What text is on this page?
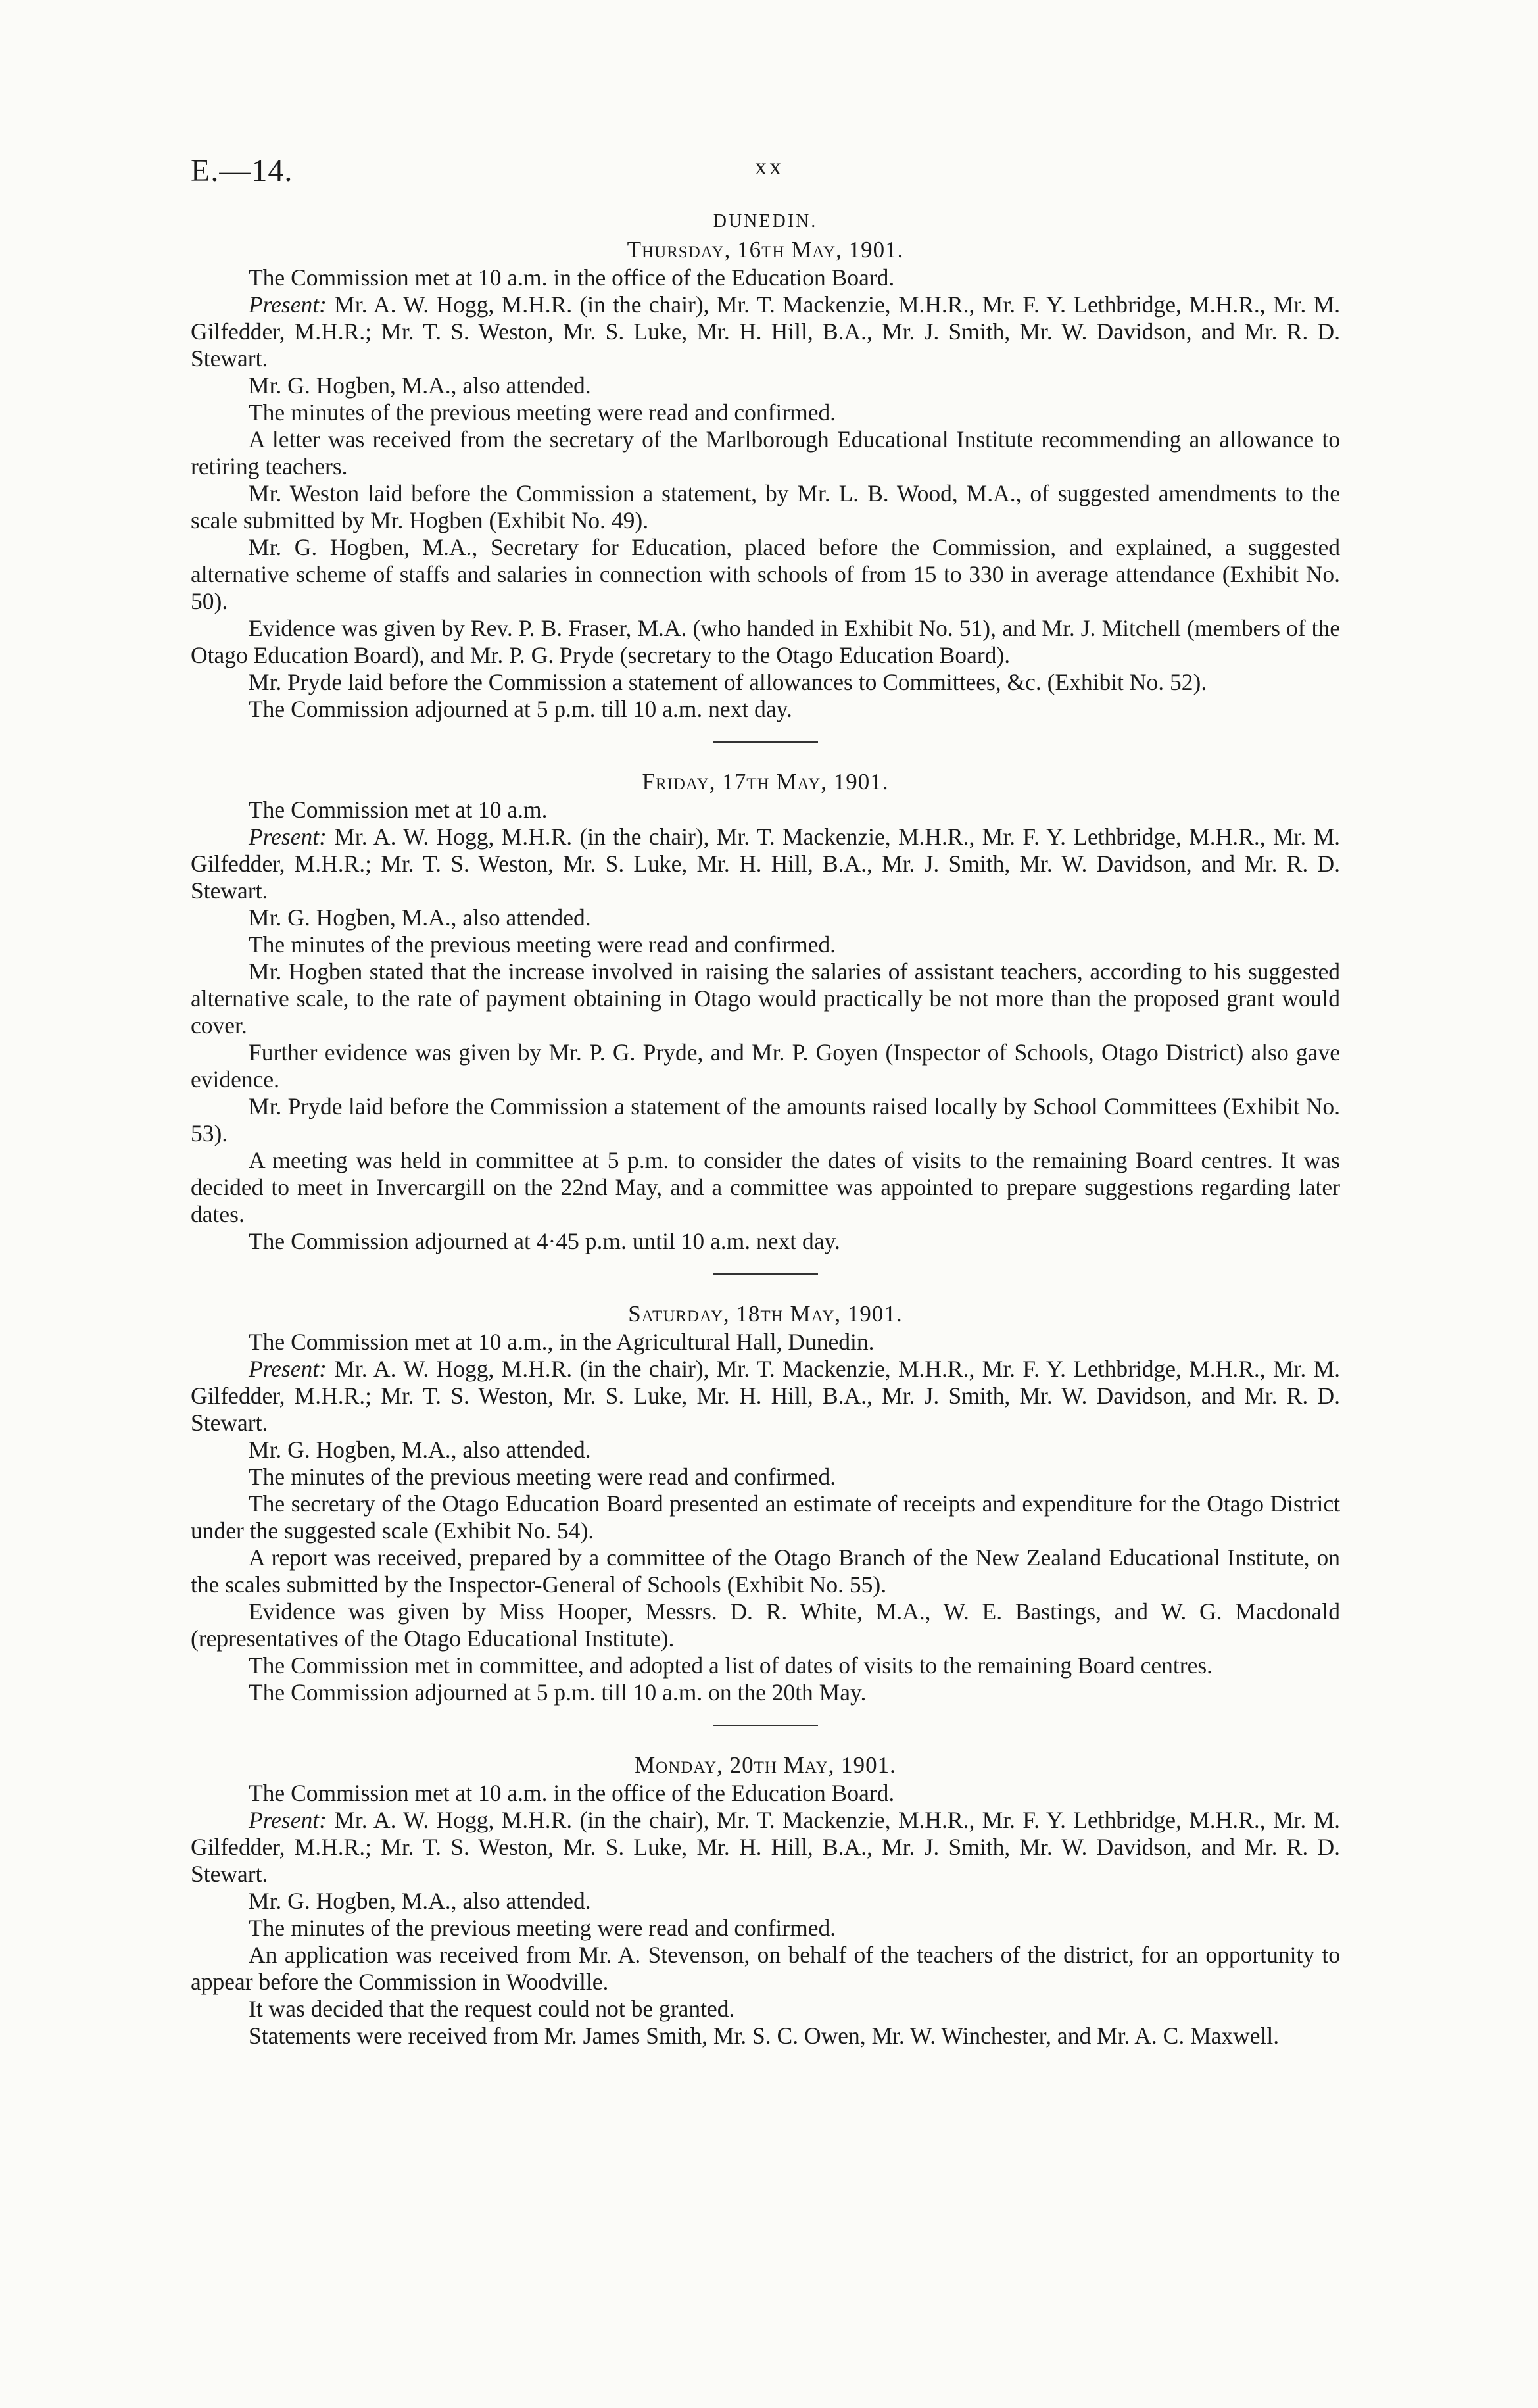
E.—14.	xx
DUNEDIN.
Thursday, 16th May, 1901.

The Commission met at 10 a.m. in the office of the Education Board.

Present: Mr. A. W. Hogg, M.H.R. (in the chair), Mr. T. Mackenzie, M.H.R., Mr. F. Y. Lethbridge, M.H.R., Mr. M. Gilfedder, M.H.R.; Mr. T. S. Weston, Mr. S. Luke, Mr. H. Hill, B.A., Mr. J. Smith, Mr. W. Davidson, and Mr. R. D. Stewart.

Mr. G. Hogben, M.A., also attended.

The minutes of the previous meeting were read and confirmed.

A letter was received from the secretary of the Marlborough Educational Institute recommending an allowance to retiring teachers.

Mr. Weston laid before the Commission a statement, by Mr. L. B. Wood, M.A., of suggested amendments to the scale submitted by Mr. Hogben (Exhibit No. 49).

Mr. G. Hogben, M.A., Secretary for Education, placed before the Commission, and explained, a suggested alternative scheme of staffs and salaries in connection with schools of from 15 to 330 in average attendance (Exhibit No. 50).

Evidence was given by Rev. P. B. Fraser, M.A. (who handed in Exhibit No. 51), and Mr. J. Mitchell (members of the Otago Education Board), and Mr. P. G. Pryde (secretary to the Otago Education Board).

Mr. Pryde laid before the Commission a statement of allowances to Committees, &c. (Exhibit No. 52).

The Commission adjourned at 5 p.m. till 10 a.m. next day.

Friday, 17th May, 1901.

The Commission met at 10 a.m.

Present: Mr. A. W. Hogg, M.H.R. (in the chair), Mr. T. Mackenzie, M.H.R., Mr. F. Y. Lethbridge, M.H.R., Mr. M. Gilfedder, M.H.R.; Mr. T. S. Weston, Mr. S. Luke, Mr. H. Hill, B.A., Mr. J. Smith, Mr. W. Davidson, and Mr. R. D. Stewart.

Mr. G. Hogben, M.A., also attended.

The minutes of the previous meeting were read and confirmed.

Mr. Hogben stated that the increase involved in raising the salaries of assistant teachers, according to his suggested alternative scale, to the rate of payment obtaining in Otago would practically be not more than the proposed grant would cover.

Further evidence was given by Mr. P. G. Pryde, and Mr. P. Goyen (Inspector of Schools, Otago District) also gave evidence.

Mr. Pryde laid before the Commission a statement of the amounts raised locally by School Committees (Exhibit No. 53).

A meeting was held in committee at 5 p.m. to consider the dates of visits to the remaining Board centres. It was decided to meet in Invercargill on the 22nd May, and a committee was appointed to prepare suggestions regarding later dates.

The Commission adjourned at 4·45 p.m. until 10 a.m. next day.

Saturday, 18th May, 1901.

The Commission met at 10 a.m., in the Agricultural Hall, Dunedin.

Present: Mr. A. W. Hogg, M.H.R. (in the chair), Mr. T. Mackenzie, M.H.R., Mr. F. Y. Lethbridge, M.H.R., Mr. M. Gilfedder, M.H.R.; Mr. T. S. Weston, Mr. S. Luke, Mr. H. Hill, B.A., Mr. J. Smith, Mr. W. Davidson, and Mr. R. D. Stewart.

Mr. G. Hogben, M.A., also attended.

The minutes of the previous meeting were read and confirmed.

The secretary of the Otago Education Board presented an estimate of receipts and expenditure for the Otago District under the suggested scale (Exhibit No. 54).

A report was received, prepared by a committee of the Otago Branch of the New Zealand Educational Institute, on the scales submitted by the Inspector-General of Schools (Exhibit No. 55).

Evidence was given by Miss Hooper, Messrs. D. R. White, M.A., W. E. Bastings, and W. G. Macdonald (representatives of the Otago Educational Institute).

The Commission met in committee, and adopted a list of dates of visits to the remaining Board centres.

The Commission adjourned at 5 p.m. till 10 a.m. on the 20th May.

Monday, 20th May, 1901.

The Commission met at 10 a.m. in the office of the Education Board.

Present: Mr. A. W. Hogg, M.H.R. (in the chair), Mr. T. Mackenzie, M.H.R., Mr. F. Y. Lethbridge, M.H.R., Mr. M. Gilfedder, M.H.R.; Mr. T. S. Weston, Mr. S. Luke, Mr. H. Hill, B.A., Mr. J. Smith, Mr. W. Davidson, and Mr. R. D. Stewart.

Mr. G. Hogben, M.A., also attended.

The minutes of the previous meeting were read and confirmed.

An application was received from Mr. A. Stevenson, on behalf of the teachers of the district, for an opportunity to appear before the Commission in Woodville.

It was decided that the request could not be granted.

Statements were received from Mr. James Smith, Mr. S. C. Owen, Mr. W. Winchester, and Mr. A. C. Maxwell.
